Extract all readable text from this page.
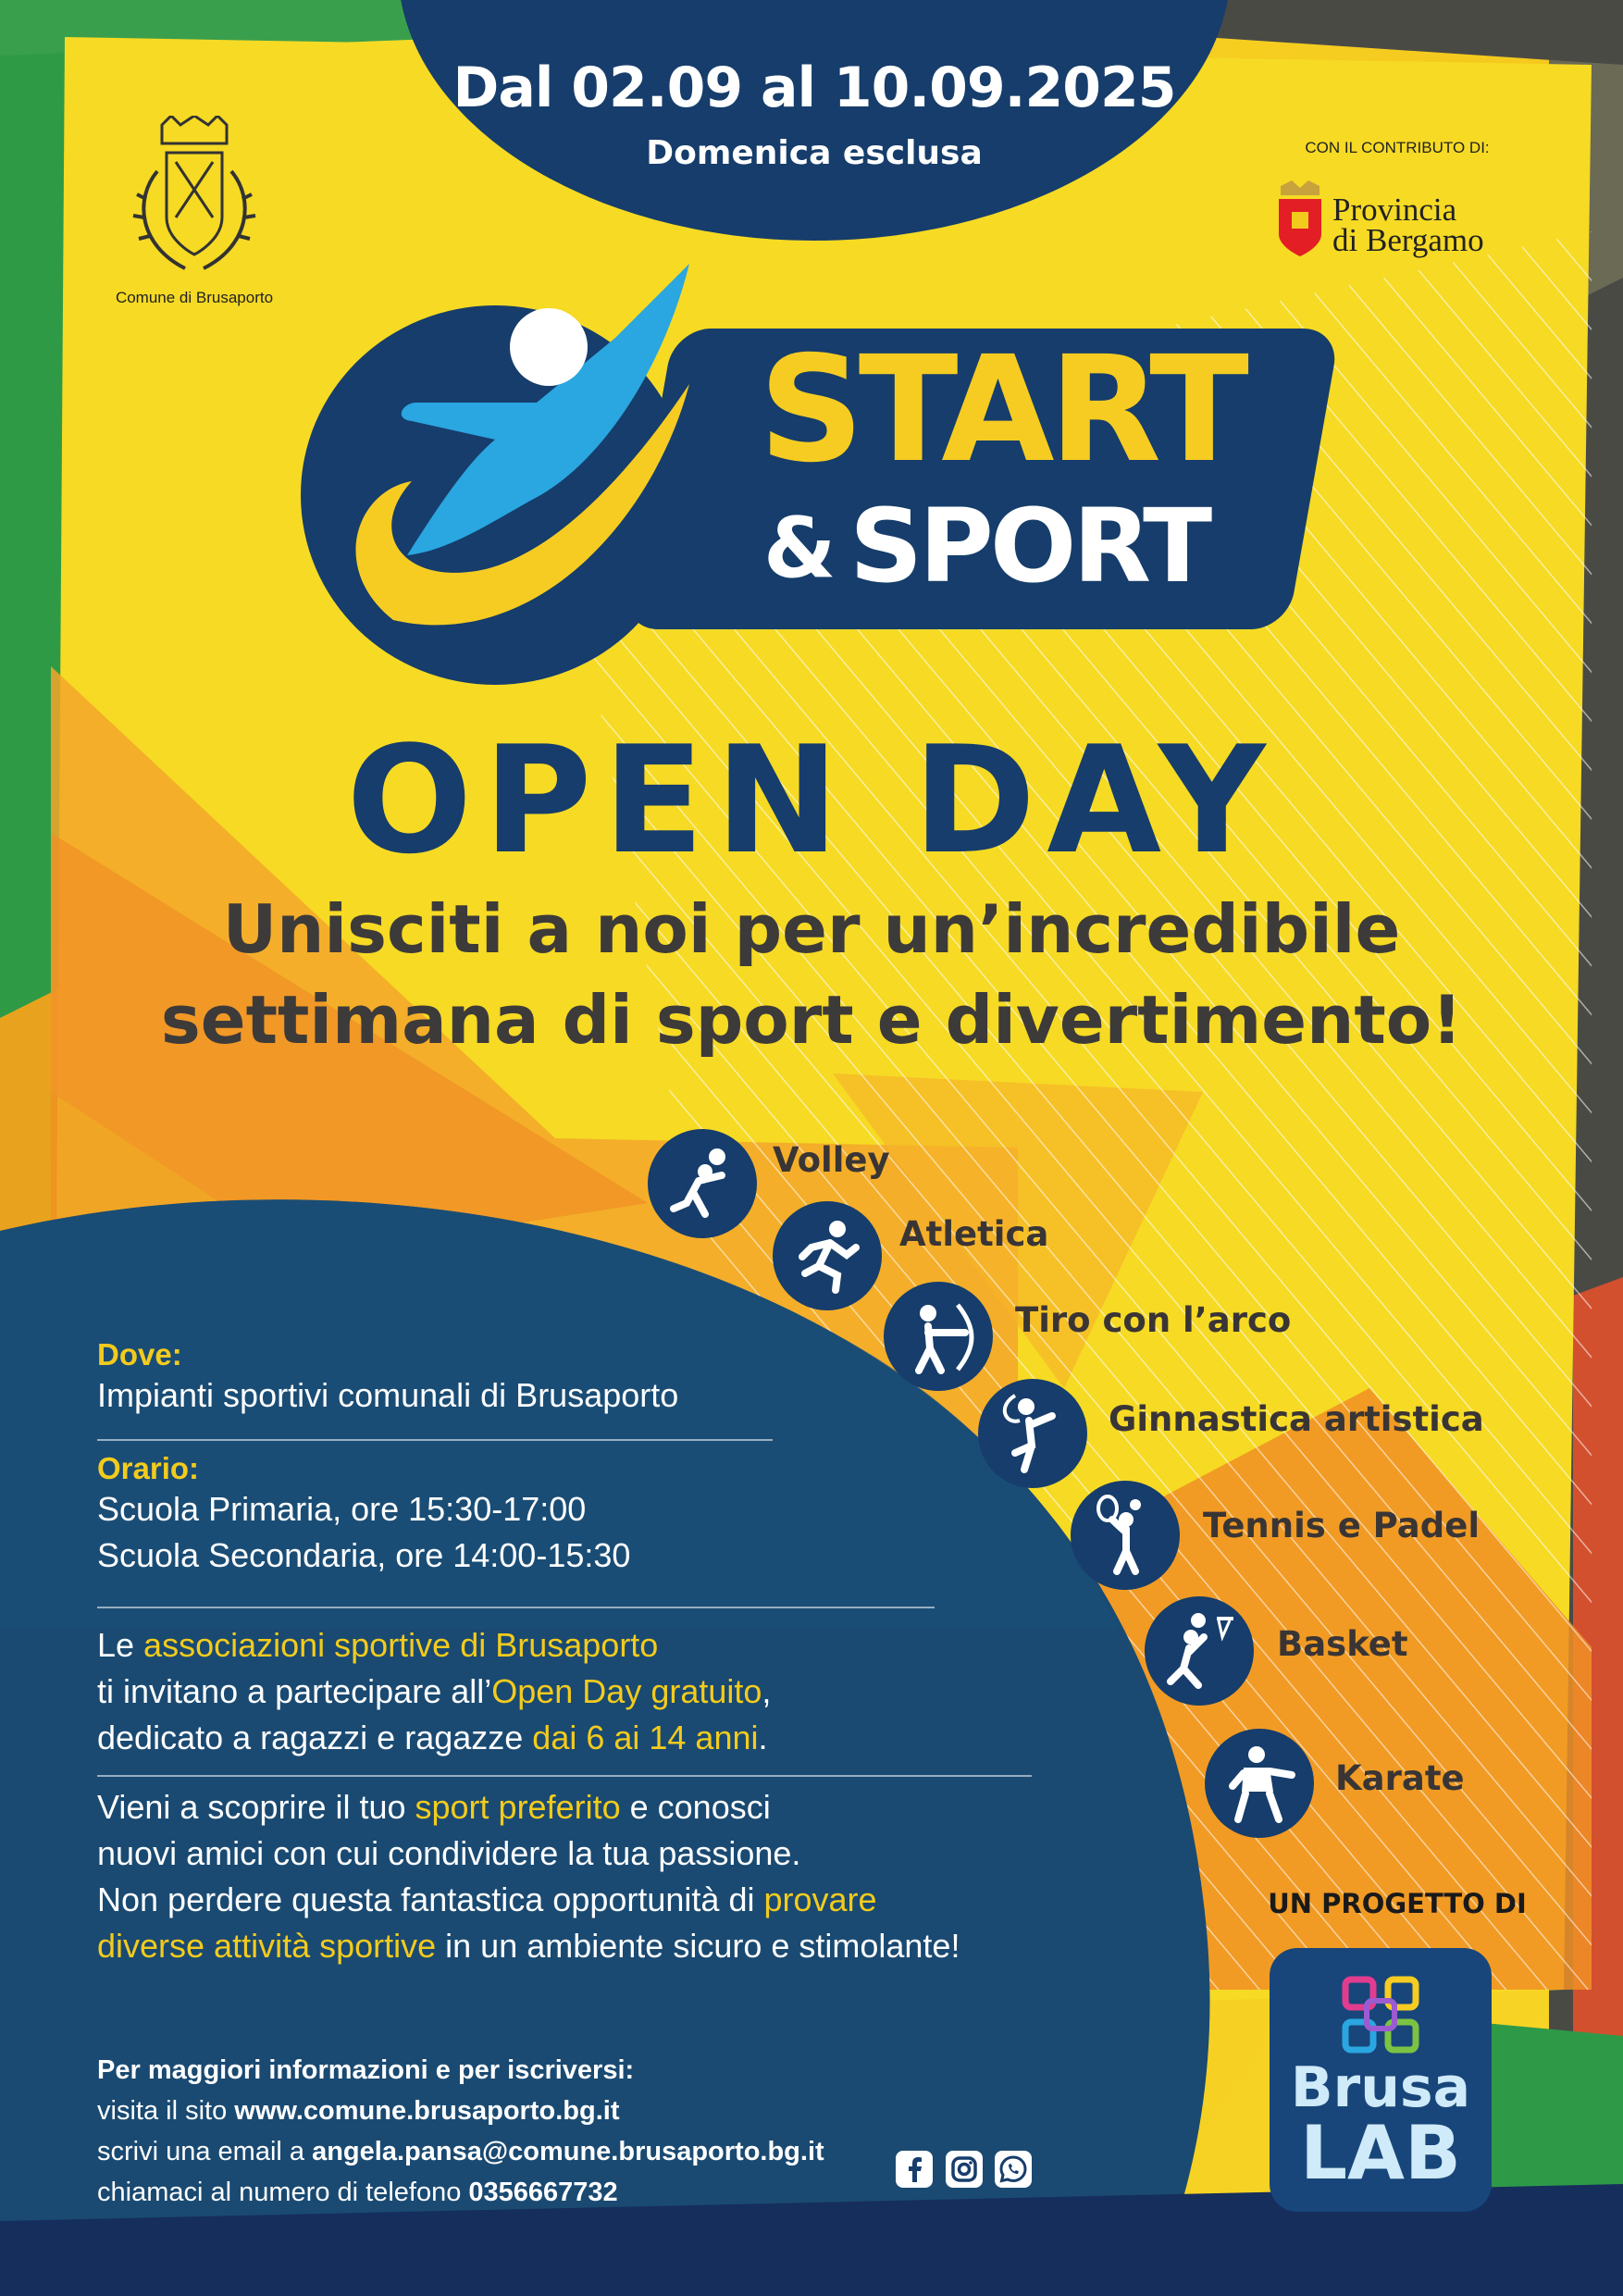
Dal 02.09 al 10.09.2025
Domenica esclusa
Comune di Brusaporto
CON IL CONTRIBUTO DI:
Provincia
di Bergamo
START
& SPORT
OPEN DAY
Unisciti a noi per un’incredibile
settimana di sport e divertimento!
Volley
Atletica
Tiro con l’arco
Ginnastica artistica
Tennis e Padel
Basket
Karate
Dove:
Impianti sportivi comunali di Brusaporto
Orario:
Scuola Primaria, ore 15:30-17:00
Scuola Secondaria, ore 14:00-15:30
Le associazioni sportive di Brusaporto
ti invitano a partecipare all’Open Day gratuito,
dedicato a ragazzi e ragazze dai 6 ai 14 anni.
Vieni a scoprire il tuo sport preferito e conosci
nuovi amici con cui condividere la tua passione.
Non perdere questa fantastica opportunità di provare
diverse attività sportive in un ambiente sicuro e stimolante!
Per maggiori informazioni e per iscriversi:
visita il sito www.comune.brusaporto.bg.it
scrivi una email a angela.pansa@comune.brusaporto.bg.it
chiamaci al numero di telefono 0356667732
UN PROGETTO DI
Brusa
LAB
